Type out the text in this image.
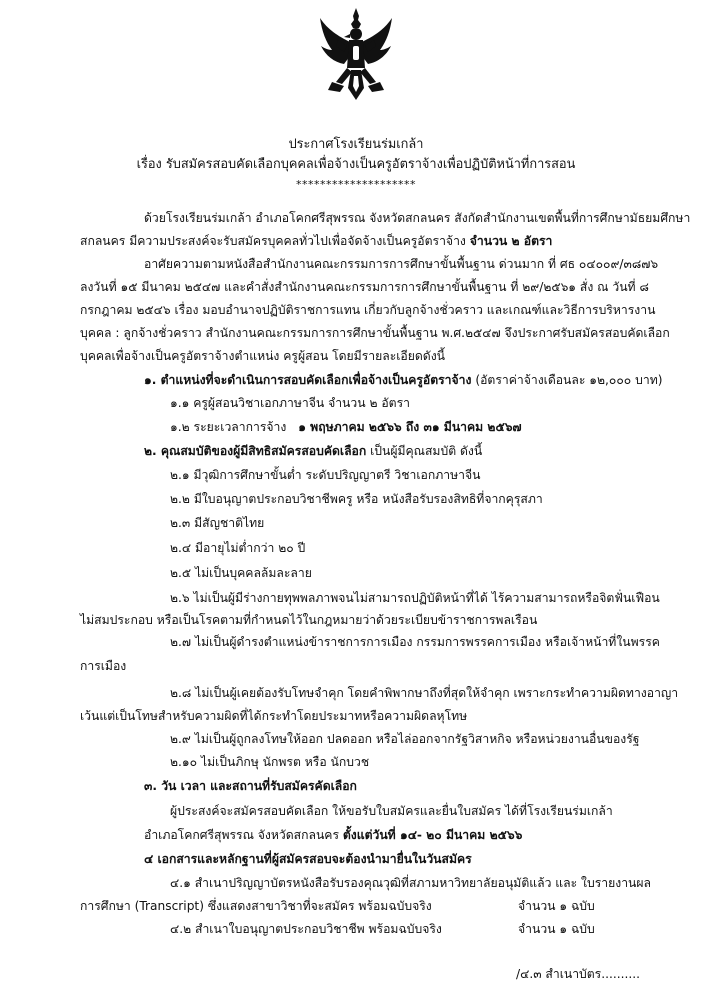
ประกาศโรงเรียนร่มเกล้า
เรื่อง รับสมัครสอบคัดเลือกบุคคลเพื่อจ้างเป็นครูอัตราจ้างเพื่อปฏิบัติหน้าที่การสอน
********************
ด้วยโรงเรียนร่มเกล้า อำเภอโคกศรีสุพรรณ จังหวัดสกลนคร สังกัดสำนักงานเขตพื้นที่การศึกษามัธยมศึกษา
สกลนคร มีความประสงค์จะรับสมัครบุคคลทั่วไปเพื่อจัดจ้างเป็นครูอัตราจ้าง จำนวน ๒ อัตรา
อาศัยความตามหนังสือสำนักงานคณะกรรมการการศึกษาขั้นพื้นฐาน ด่วนมาก ที่ ศธ ๐๔๐๐๙/๓๘๗๖
ลงวันที่ ๑๕ มีนาคม ๒๕๔๗ และคำสั่งสำนักงานคณะกรรมการการศึกษาขั้นพื้นฐาน ที่ ๒๙/๒๕๖๑ สั่ง ณ วันที่ ๘
กรกฎาคม ๒๕๔๖ เรื่อง มอบอำนาจปฏิบัติราชการแทน เกี่ยวกับลูกจ้างชั่วคราว และเกณฑ์และวิธีการบริหารงาน
บุคคล : ลูกจ้างชั่วคราว สำนักงานคณะกรรมการการศึกษาขั้นพื้นฐาน พ.ศ.๒๕๔๗ จึงประกาศรับสมัครสอบคัดเลือก
บุคคลเพื่อจ้างเป็นครูอัตราจ้างตำแหน่ง ครูผู้สอน โดยมีรายละเอียดดังนี้
๑. ตำแหน่งที่จะดำเนินการสอบคัดเลือกเพื่อจ้างเป็นครูอัตราจ้าง (อัตราค่าจ้างเดือนละ ๑๒,๐๐๐ บาท)
๑.๑ ครูผู้สอนวิชาเอกภาษาจีน จำนวน ๒ อัตรา
๑.๒ ระยะเวลาการจ้าง ๑ พฤษภาคม ๒๕๖๖ ถึง ๓๑ มีนาคม ๒๕๖๗
๒. คุณสมบัติของผู้มีสิทธิสมัครสอบคัดเลือก เป็นผู้มีคุณสมบัติ ดังนี้
๒.๑ มีวุฒิการศึกษาขั้นต่ำ ระดับปริญญาตรี วิชาเอกภาษาจีน
๒.๒ มีใบอนุญาตประกอบวิชาชีพครู หรือ หนังสือรับรองสิทธิที่จากคุรุสภา
๒.๓ มีสัญชาติไทย
๒.๔ มีอายุไม่ต่ำกว่า ๒๐ ปี
๒.๕ ไม่เป็นบุคคลล้มละลาย
๒.๖ ไม่เป็นผู้มีร่างกายทุพพลภาพจนไม่สามารถปฏิบัติหน้าที่ได้ ไร้ความสามารถหรือจิตฟั่นเฟือน
ไม่สมประกอบ หรือเป็นโรคตามที่กำหนดไว้ในกฎหมายว่าด้วยระเบียบข้าราชการพลเรือน
๒.๗ ไม่เป็นผู้ดำรงตำแหน่งข้าราชการการเมือง กรรมการพรรคการเมือง หรือเจ้าหน้าที่ในพรรค
การเมือง
๒.๘ ไม่เป็นผู้เคยต้องรับโทษจำคุก โดยคำพิพากษาถึงที่สุดให้จำคุก เพราะกระทำความผิดทางอาญา
เว้นแต่เป็นโทษสำหรับความผิดที่ได้กระทำโดยประมาทหรือความผิดลหุโทษ
๒.๙ ไม่เป็นผู้ถูกลงโทษให้ออก ปลดออก หรือไล่ออกจากรัฐวิสาหกิจ หรือหน่วยงานอื่นของรัฐ
๒.๑๐ ไม่เป็นภิกษุ นักพรต หรือ นักบวช
๓. วัน เวลา และสถานที่รับสมัครคัดเลือก
ผู้ประสงค์จะสมัครสอบคัดเลือก ให้ขอรับใบสมัครและยื่นใบสมัคร ได้ที่โรงเรียนร่มเกล้า
อำเภอโคกศรีสุพรรณ จังหวัดสกลนคร ตั้งแต่วันที่ ๑๔- ๒๐ มีนาคม ๒๕๖๖
๔ เอกสารและหลักฐานที่ผู้สมัครสอบจะต้องนำมายื่นในวันสมัคร
๔.๑ สำเนาปริญญาบัตรหนังสือรับรองคุณวุฒิที่สภามหาวิทยาลัยอนุมัติแล้ว และ ใบรายงานผล
การศึกษา (Transcript) ซึ่งแสดงสาขาวิชาที่จะสมัคร พร้อมฉบับจริง	จำนวน ๑ ฉบับ
๔.๒ สำเนาใบอนุญาตประกอบวิชาชีพ พร้อมฉบับจริง	จำนวน ๑ ฉบับ
/๔.๓ สำเนาบัตร..........
